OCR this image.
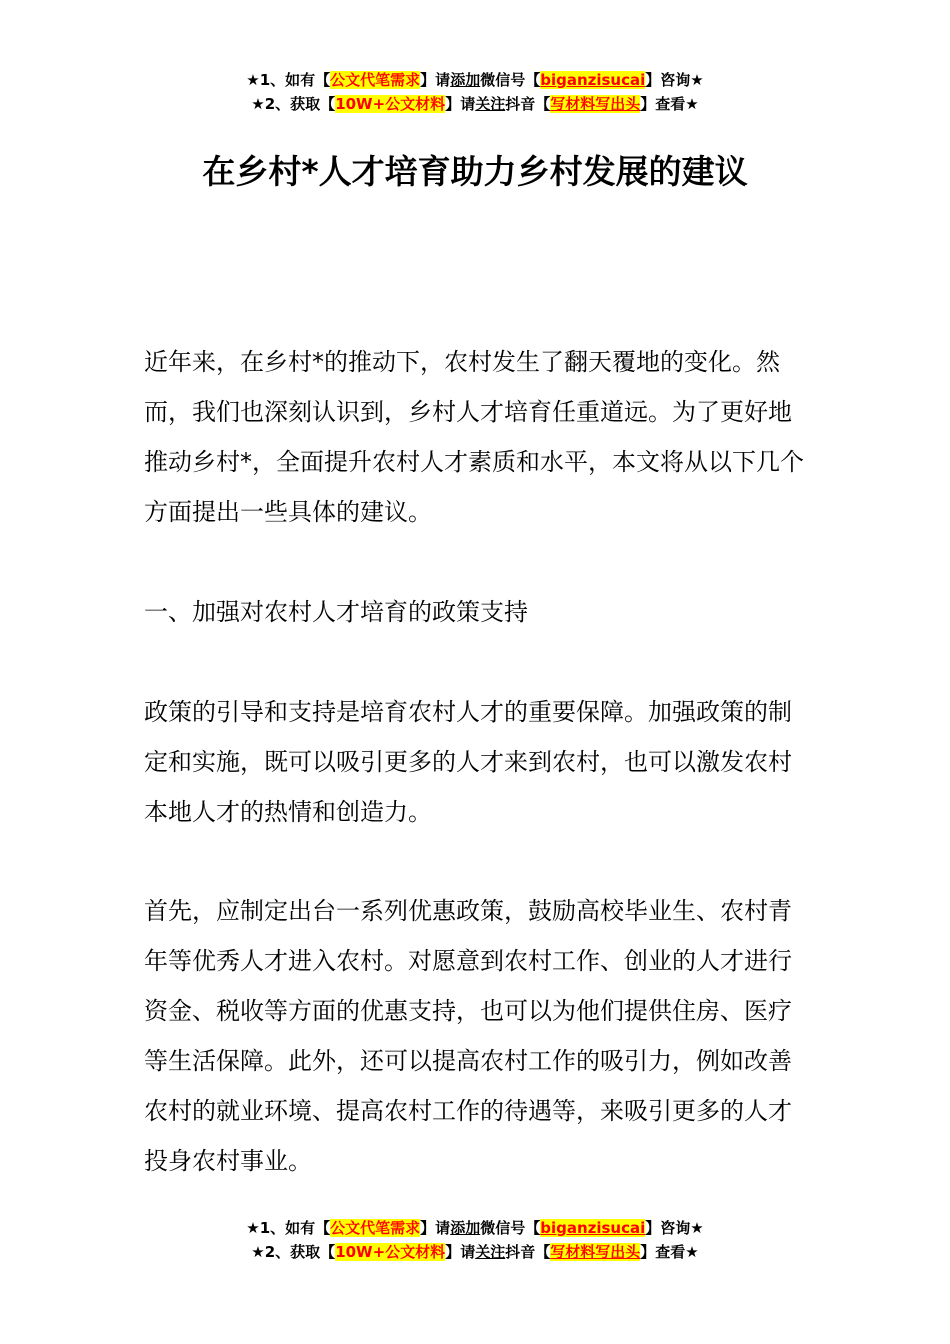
★1、如有【公文代笔需求】请添加微信号【biganzisucai】咨询★
★2、获取【10W+公文材料】请关注抖音【写材料写出头】查看★
在乡村*人才培育助力乡村发展的建议

近年来，在乡村*的推动下，农村发生了翻天覆地的变化。然而，我们也深刻认识到，乡村人才培育任重道远。为了更好地推动乡村*，全面提升农村人才素质和水平，本文将从以下几个方面提出一些具体的建议。

一、加强对农村人才培育的政策支持

政策的引导和支持是培育农村人才的重要保障。加强政策的制定和实施，既可以吸引更多的人才来到农村，也可以激发农村本地人才的热情和创造力。

首先，应制定出台一系列优惠政策，鼓励高校毕业生、农村青年等优秀人才进入农村。对愿意到农村工作、创业的人才进行资金、税收等方面的优惠支持，也可以为他们提供住房、医疗等生活保障。此外，还可以提高农村工作的吸引力，例如改善农村的就业环境、提高农村工作的待遇等，来吸引更多的人才投身农村事业。

★1、如有【公文代笔需求】请添加微信号【biganzisucai】咨询★
★2、获取【10W+公文材料】请关注抖音【写材料写出头】查看★
